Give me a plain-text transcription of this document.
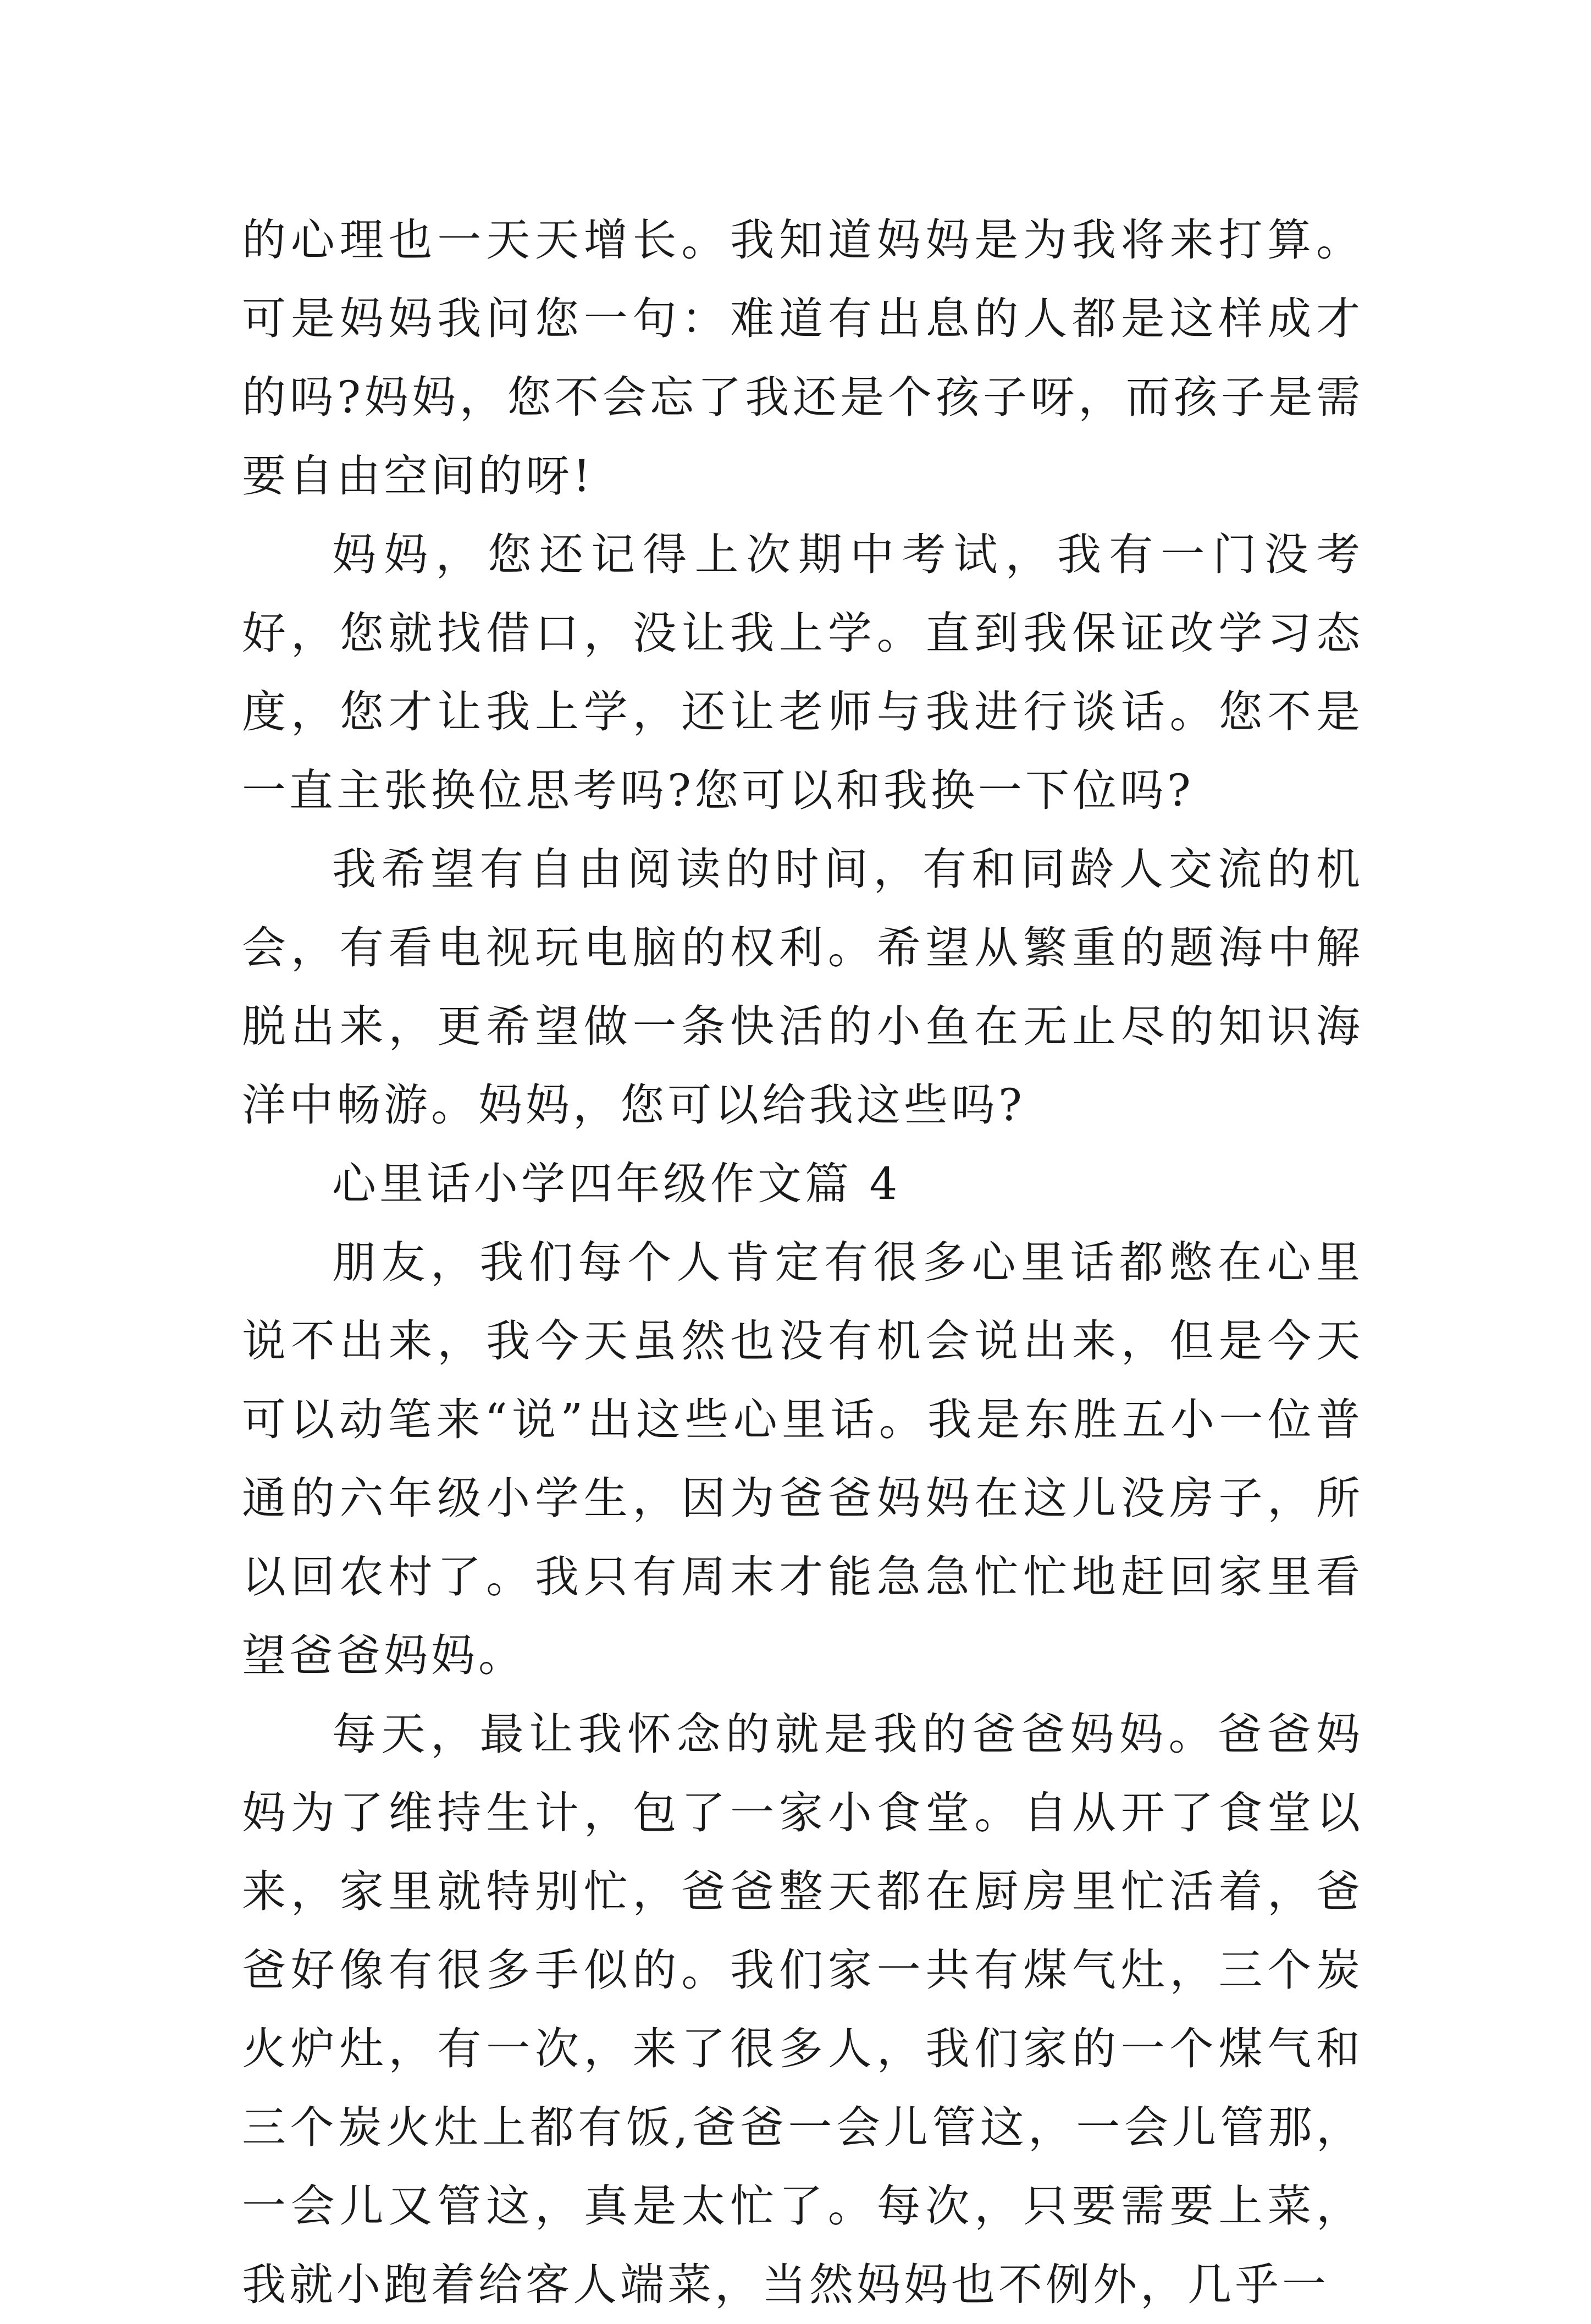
的心理也一天天增长。我知道妈妈是为我将来打算。可是妈妈我问您一句：难道有出息的人都是这样成才的吗?妈妈，您不会忘了我还是个孩子呀，而孩子是需要自由空间的呀!

妈妈，您还记得上次期中考试，我有一门没考好，您就找借口，没让我上学。直到我保证改学习态度，您才让我上学，还让老师与我进行谈话。您不是一直主张换位思考吗?您可以和我换一下位吗?

我希望有自由阅读的时间，有和同龄人交流的机会，有看电视玩电脑的权利。希望从繁重的题海中解脱出来，更希望做一条快活的小鱼在无止尽的知识海洋中畅游。妈妈，您可以给我这些吗?

心里话小学四年级作文篇 4

朋友，我们每个人肯定有很多心里话都憋在心里说不出来，我今天虽然也没有机会说出来，但是今天可以动笔来“说”出这些心里话。我是东胜五小一位普通的六年级小学生，因为爸爸妈妈在这儿没房子，所以回农村了。我只有周末才能急急忙忙地赶回家里看望爸爸妈妈。

每天，最让我怀念的就是我的爸爸妈妈。爸爸妈妈为了维持生计，包了一家小食堂。自从开了食堂以来，家里就特别忙，爸爸整天都在厨房里忙活着，爸爸好像有很多手似的。我们家一共有煤气灶，三个炭火炉灶，有一次，来了很多人，我们家的一个煤气和三个炭火灶上都有饭,爸爸一会儿管这，一会儿管那，一会儿又管这，真是太忙了。每次，只要需要上菜，我就小跑着给客人端菜，当然妈妈也不例外，几乎一
